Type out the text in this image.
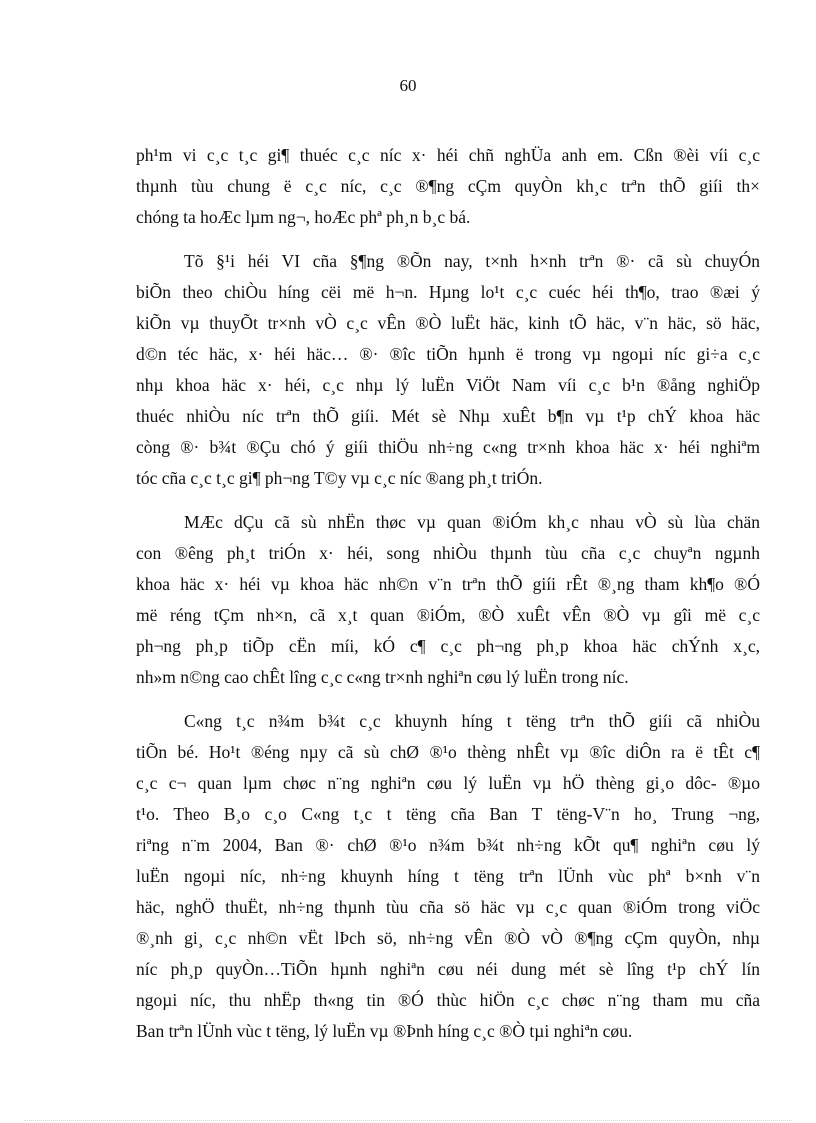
60
ph¹m vi c¸c t¸c gi¶ thuéc c¸c níc x· héi chñ nghÜa anh em. Cßn ®èi víi c¸c
thµnh tùu chung ë c¸c níc, c¸c ®¶ng cÇm quyÒn kh¸c trªn thÕ giíi th×
chóng ta hoÆc lµm ng¬, hoÆc phª ph¸n b¸c bá.
Tõ §¹i héi VI cña §¶ng ®Õn nay, t×nh h×nh trªn ®· cã sù chuyÓn
biÕn theo chiÒu híng cëi më h¬n. Hµng lo¹t c¸c cuéc héi th¶o, trao ®æi ý
kiÕn vµ thuyÕt tr×nh vÒ c¸c vÊn ®Ò luËt häc, kinh tÕ häc, v¨n häc, sö häc,
d©n téc häc, x· héi häc… ®· ®îc tiÕn hµnh ë trong vµ ngoµi níc gi÷a c¸c
nhµ khoa häc x· héi, c¸c nhµ lý luËn ViÖt Nam víi c¸c b¹n ®ång nghiÖp
thuéc nhiÒu níc trªn thÕ giíi. Mét sè Nhµ xuÊt b¶n vµ t¹p chÝ khoa häc
còng ®· b¾t ®Çu chó ý giíi thiÖu nh÷ng c«ng tr×nh khoa häc x· héi nghiªm
tóc cña c¸c t¸c gi¶ ph¬ng T©y vµ c¸c níc ®ang ph¸t triÓn.
MÆc dÇu cã sù nhËn thøc vµ quan ®iÓm kh¸c nhau vÒ sù lùa chän
con ®êng ph¸t triÓn x· héi, song nhiÒu thµnh tùu cña c¸c chuyªn ngµnh
khoa häc x· héi vµ khoa häc nh©n v¨n trªn thÕ giíi rÊt ®¸ng tham kh¶o ®Ó
më réng tÇm nh×n, cã x¸t quan ®iÓm, ®Ò xuÊt vÊn ®Ò vµ gîi më c¸c
ph¬ng ph¸p tiÕp cËn míi, kÓ c¶ c¸c ph¬ng ph¸p khoa häc chÝnh x¸c,
nh»m n©ng cao chÊt lîng c¸c c«ng tr×nh nghiªn cøu lý luËn trong níc.
C«ng t¸c n¾m b¾t c¸c khuynh híng t tëng trªn thÕ giíi cã nhiÒu
tiÕn bé. Ho¹t ®éng nµy cã sù chØ ®¹o thèng nhÊt vµ ®îc diÔn ra ë tÊt c¶
c¸c c¬ quan lµm chøc n¨ng nghiªn cøu lý luËn vµ hÖ thèng gi¸o dôc- ®µo
t¹o. Theo B¸o c¸o C«ng t¸c t tëng cña Ban T tëng-V¨n ho¸ Trung ¬ng,
riªng n¨m 2004, Ban ®· chØ ®¹o n¾m b¾t nh÷ng kÕt qu¶ nghiªn cøu lý
luËn ngoµi níc, nh÷ng khuynh híng t tëng trªn lÜnh vùc phª b×nh v¨n
häc, nghÖ thuËt, nh÷ng thµnh tùu cña sö häc vµ c¸c quan ®iÓm trong viÖc
®¸nh gi¸ c¸c nh©n vËt lÞch sö, nh÷ng vÊn ®Ò vÒ ®¶ng cÇm quyÒn, nhµ
níc ph¸p quyÒn…TiÕn hµnh nghiªn cøu néi dung mét sè lîng t¹p chÝ lín
ngoµi níc, thu nhËp th«ng tin ®Ó thùc hiÖn c¸c chøc n¨ng tham mu cña
Ban trªn lÜnh vùc t tëng, lý luËn vµ ®Þnh híng c¸c ®Ò tµi nghiªn cøu.
